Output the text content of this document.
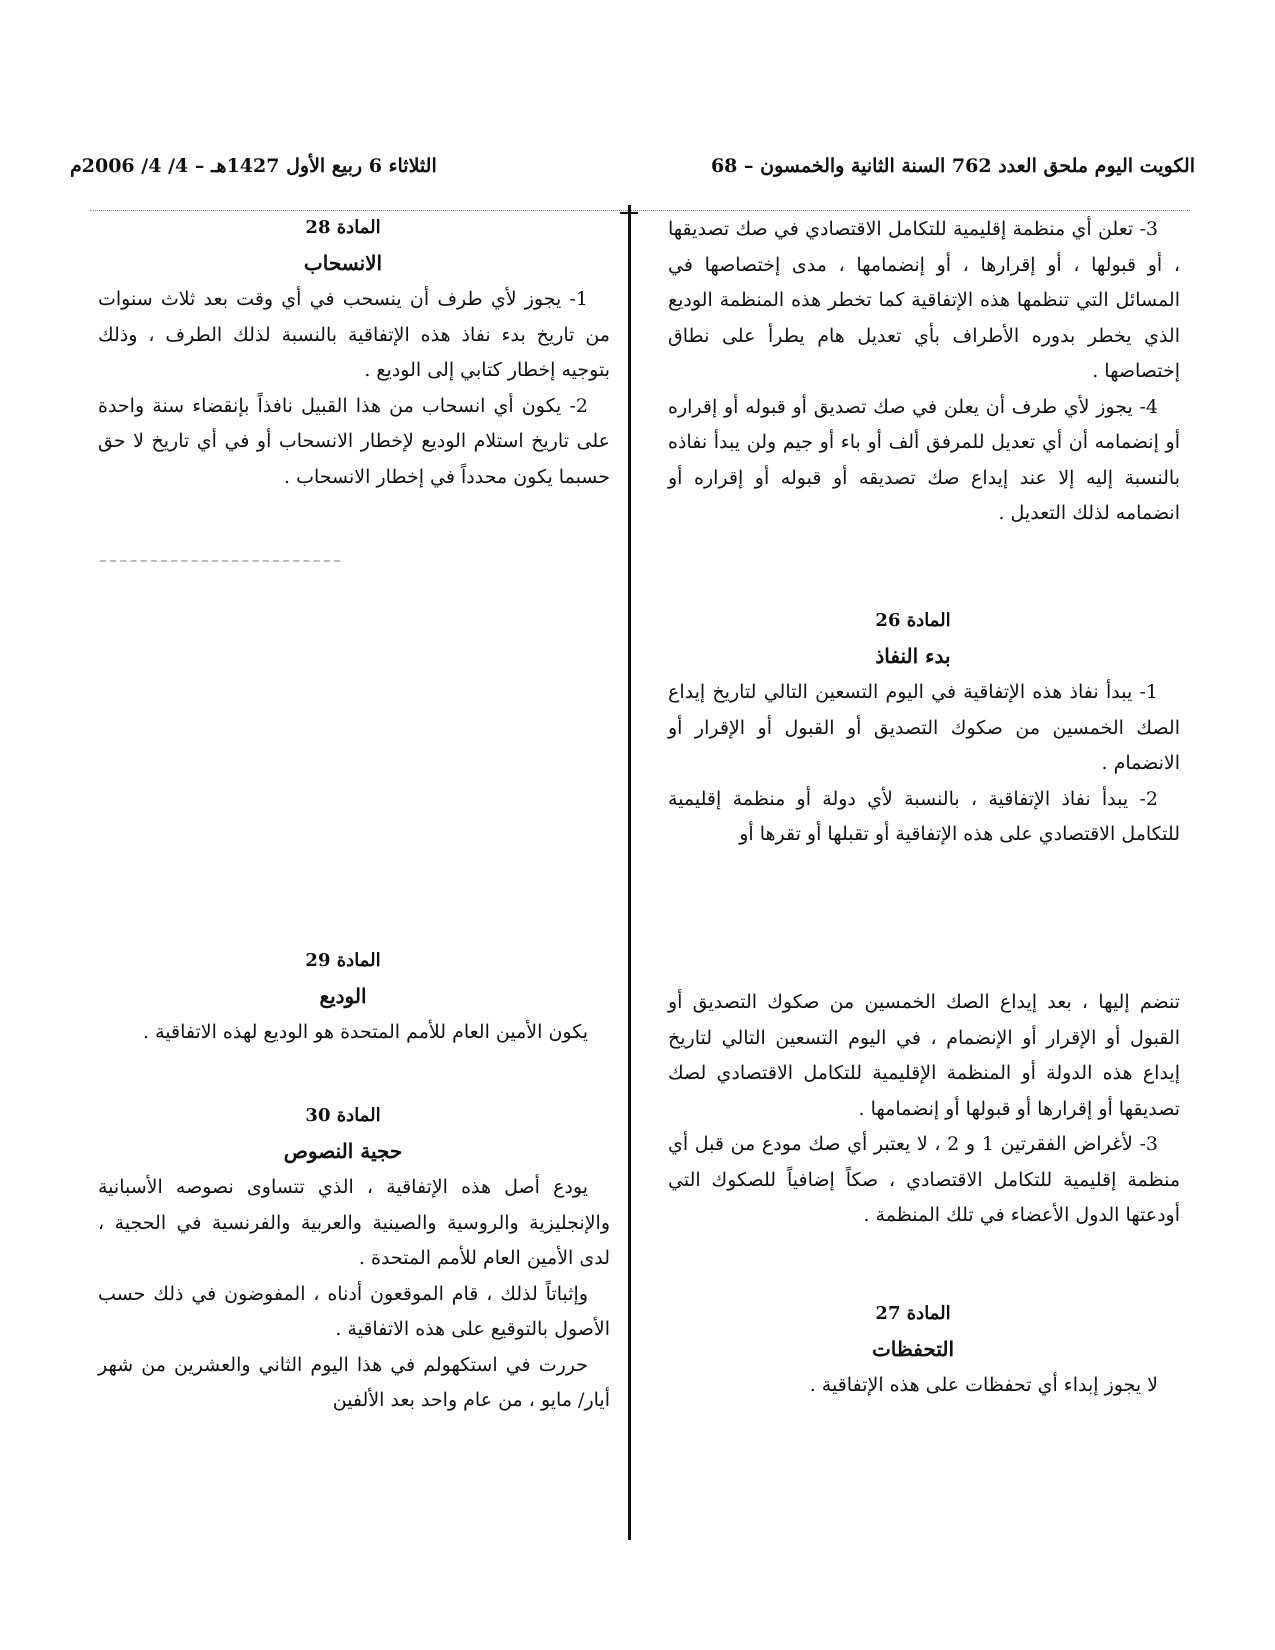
الكويت اليوم ملحق العدد 762 السنة الثانية والخمسون – 68
الثلاثاء 6 ربيع الأول 1427هـ – 4/ 4/ 2006م

3- تعلن أي منظمة إقليمية للتكامل الاقتصادي في صك تصديقها ، أو قبولها ، أو إقرارها ، أو إنضمامها ، مدى إختصاصها في المسائل التي تنظمها هذه الإتفاقية كما تخطر هذه المنظمة الوديع الذي يخطر بدوره الأطراف بأي تعديل هام يطرأ على نطاق إختصاصها .

4- يجوز لأي طرف أن يعلن في صك تصديق أو قبوله أو إقراره أو إنضمامه أن أي تعديل للمرفق ألف أو باء أو جيم ولن يبدأ نفاذه بالنسبة إليه إلا عند إيداع صك تصديقه أو قبوله أو إقراره أو انضمامه لذلك التعديل .

المادة 26

بدء النفاذ

1- يبدأ نفاذ هذه الإتفاقية في اليوم التسعين التالي لتاريخ إيداع الصك الخمسين من صكوك التصديق أو القبول أو الإقرار أو الانضمام .

2- يبدأ نفاذ الإتفاقية ، بالنسبة لأي دولة أو منظمة إقليمية للتكامل الاقتصادي على هذه الإتفاقية أو تقبلها أو تقرها أو

تنضم إليها ، بعد إيداع الصك الخمسين من صكوك التصديق أو القبول أو الإقرار أو الإنضمام ، في اليوم التسعين التالي لتاريخ إيداع هذه الدولة أو المنظمة الإقليمية للتكامل الاقتصادي لصك تصديقها أو إقرارها أو قبولها أو إنضمامها .

3- لأغراض الفقرتين 1 و 2 ، لا يعتبر أي صك مودع من قبل أي منظمة إقليمية للتكامل الاقتصادي ، صكاً إضافياً للصكوك التي أودعتها الدول الأعضاء في تلك المنظمة .

المادة 27

التحفظات

لا يجوز إبداء أي تحفظات على هذه الإتفاقية .

المادة 28

الانسحاب

1- يجوز لأي طرف أن ينسحب في أي وقت بعد ثلاث سنوات من تاريخ بدء نفاذ هذه الإتفاقية بالنسبة لذلك الطرف ، وذلك بتوجيه إخطار كتابي إلى الوديع .

2- يكون أي انسحاب من هذا القبيل نافذاً بإنقضاء سنة واحدة على تاريخ استلام الوديع لإخطار الانسحاب أو في أي تاريخ لا حق حسبما يكون محدداً في إخطار الانسحاب .

المادة 29

الوديع

يكون الأمين العام للأمم المتحدة هو الوديع لهذه الاتفاقية .

المادة 30

حجية النصوص

يودع أصل هذه الإتفاقية ، الذي تتساوى نصوصه الأسبانية والإنجليزية والروسية والصينية والعربية والفرنسية في الحجية ، لدى الأمين العام للأمم المتحدة .

وإثباتاً لذلك ، قام الموقعون أدناه ، المفوضون في ذلك حسب الأصول بالتوقيع على هذه الاتفاقية .

حررت في استكهولم في هذا اليوم الثاني والعشرين من شهر أيار/ مايو ، من عام واحد بعد الألفين
